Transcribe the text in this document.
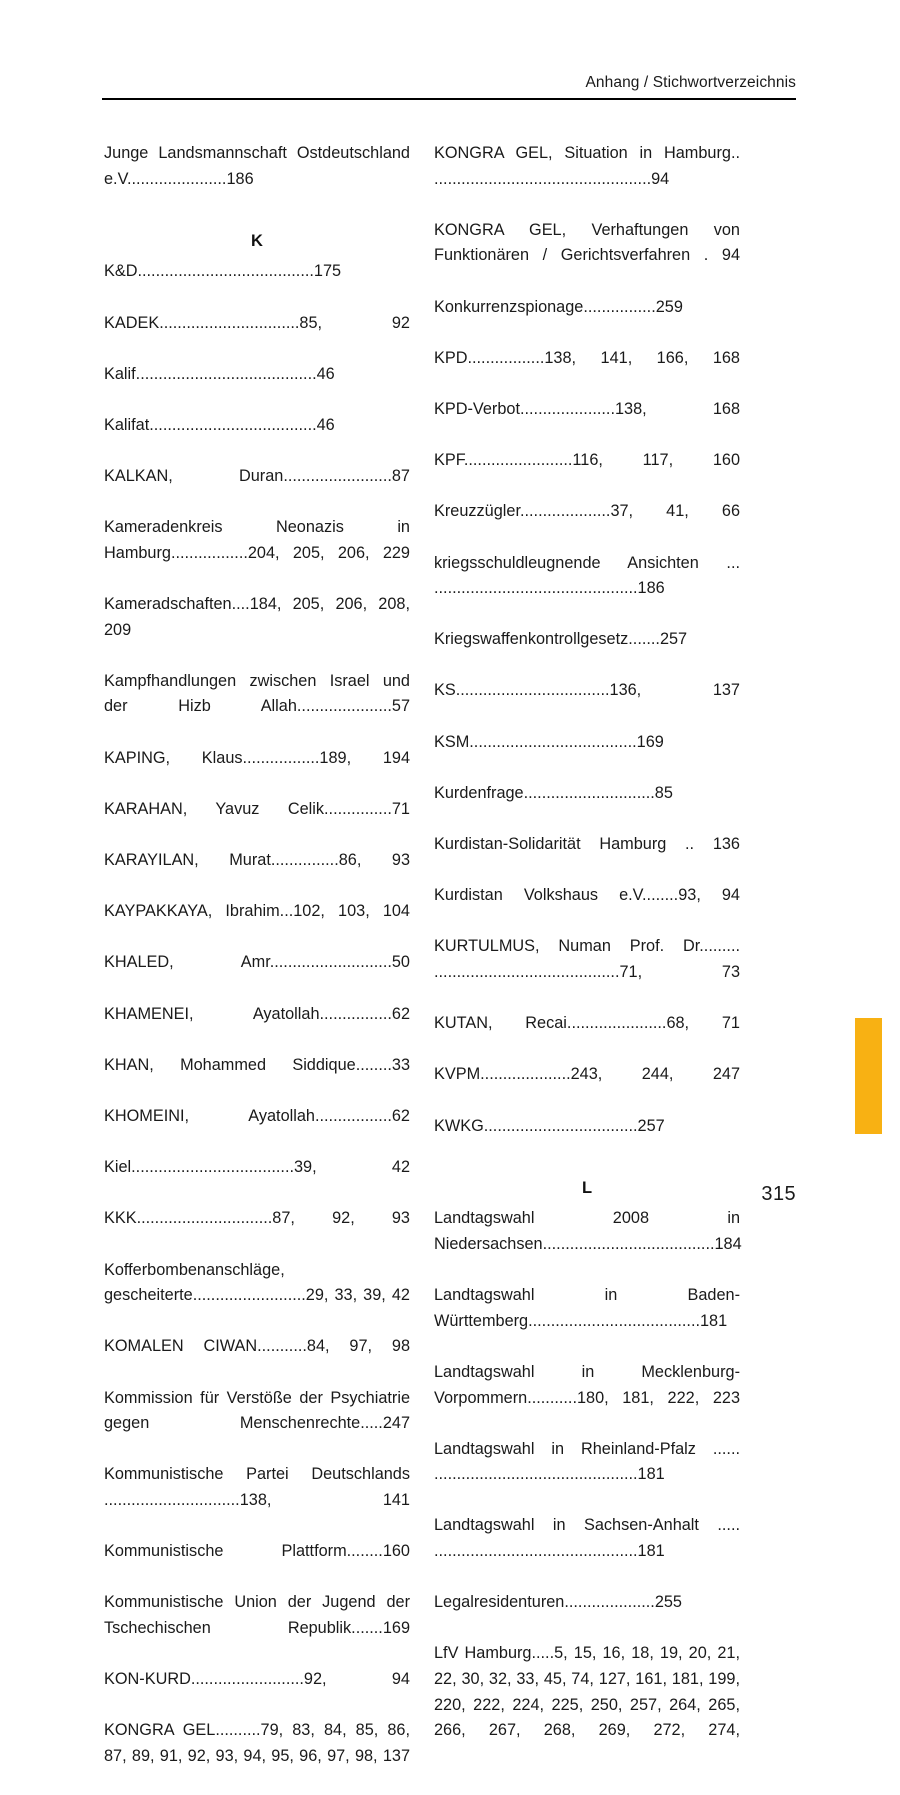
Anhang / Stichwortverzeichnis
Junge Landsmannschaft Ostdeutschland e.V......................186
K
K&D.......................................175
KADEK...............................85, 92
Kalif........................................46
Kalifat.....................................46
KALKAN, Duran........................87
Kameradenkreis Neonazis in Hamburg.................204, 205, 206, 229
Kameradschaften....184, 205, 206, 208, 209
Kampfhandlungen zwischen Israel und der Hizb Allah.....................57
KAPING, Klaus.................189, 194
KARAHAN, Yavuz Celik...............71
KARAYILAN, Murat...............86, 93
KAYPAKKAYA, Ibrahim...102, 103, 104
KHALED, Amr...........................50
KHAMENEI, Ayatollah................62
KHAN, Mohammed Siddique........33
KHOMEINI, Ayatollah.................62
Kiel....................................39, 42
KKK..............................87, 92, 93
Kofferbombenanschläge, gescheiterte.........................29, 33, 39, 42
KOMALEN CIWAN...........84, 97, 98
Kommission für Verstöße der Psychiatrie gegen Menschenrechte.....247
Kommunistische Partei Deutschlands ..............................138, 141
Kommunistische Plattform........160
Kommunistische Union der Jugend der Tschechischen Republik.......169
KON-KURD.........................92, 94
KONGRA GEL..........79, 83, 84, 85, 86, 87, 89, 91, 92, 93, 94, 95, 96, 97, 98, 137
KONGRA GEL, Situation in Hamburg.. ................................................94
KONGRA GEL, Verhaftungen von Funktionären / Gerichtsverfahren . 94
Konkurrenzspionage................259
KPD.................138, 141, 166, 168
KPD-Verbot.....................138, 168
KPF........................116, 117, 160
Kreuzzügler....................37, 41, 66
kriegsschuldleugnende Ansichten ... .............................................186
Kriegswaffenkontrollgesetz.......257
KS..................................136, 137
KSM.....................................169
Kurdenfrage.............................85
Kurdistan-Solidarität Hamburg .. 136
Kurdistan Volkshaus e.V........93, 94
KURTULMUS, Numan Prof. Dr......... .........................................71, 73
KUTAN, Recai......................68, 71
KVPM....................243, 244, 247
KWKG..................................257
L
Landtagswahl 2008 in Niedersachsen......................................184
Landtagswahl in Baden-Württemberg......................................181
Landtagswahl in Mecklenburg-Vorpommern...........180, 181, 222, 223
Landtagswahl in Rheinland-Pfalz ...... .............................................181
Landtagswahl in Sachsen-Anhalt ..... .............................................181
Legalresidenturen....................255
LfV Hamburg.....5, 15, 16, 18, 19, 20, 21, 22, 30, 32, 33, 45, 74, 127, 161, 181, 199, 220, 222, 224, 225, 250, 257, 264, 265, 266, 267, 268, 269, 272, 274,
315
